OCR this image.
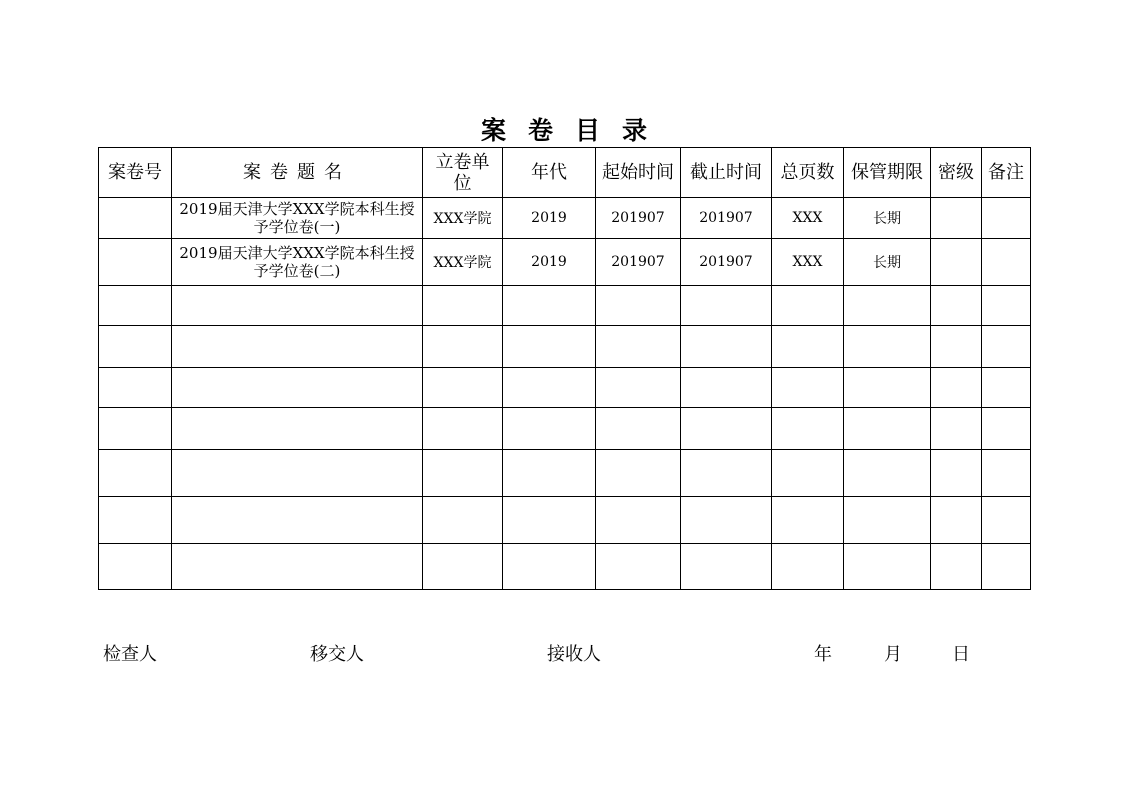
案卷目录
案卷号	案卷题名	立卷单位	年代	起始时间	截止时间	总页数	保管期限	密级	备注
	2019届天津大学XXX学院本科生授予学位卷(一)	XXX学院	2019	201907	201907	XXX	长期		
	2019届天津大学XXX学院本科生授予学位卷(二)	XXX学院	2019	201907	201907	XXX	长期		

检查人	移交人	接收人	年	月	日
